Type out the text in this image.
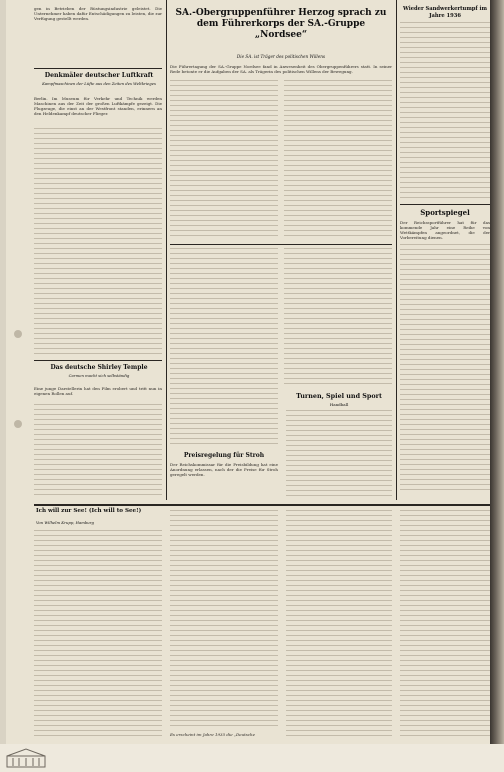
gen in Betrieben der Rüstungsindustrie geleistet. Die Unternehmer haben dafür Entschädigungen zu leisten, die zur Verfügung gestellt werden.

Denkmäler deutscher Luftkraft
Kampfmaschinen der Lüfte aus den Zeiten des Weltkrieges

Berlin. Im Museum für Verkehr und Technik werden Maschinen aus der Zeit der großen Luftkämpfe gezeigt. Die Flugzeuge, die einst an der Westfront standen, erinnern an den Heldenkampf deutscher Flieger.

Das deutsche Shirley Temple
Carmen macht sich selbständig

Eine junge Darstellerin hat den Film erobert und tritt nun in eigenen Rollen auf.

SA.-Obergruppenführer Herzog sprach zu dem Führerkorps der SA.-Gruppe „Nordsee“
Die SA. ist Träger des politischen Willens

Die Führertagung der SA.-Gruppe Nordsee fand in Anwesenheit des Obergruppenführers statt. In seiner Rede betonte er die Aufgaben der SA. als Trägerin des politischen Willens der Bewegung.

Preisregelung für Stroh

Der Reichskommissar für die Preisbildung hat eine Anordnung erlassen, nach der die Preise für Stroh geregelt werden.

Wieder Sandwerkertumpf im Jahre 1936
Sportspiegel

Der Reichssportführer hat für das kommende Jahr eine Reihe von Wettkämpfen angeordnet, die der Vorbereitung dienen.

Turnen, Spiel und Sport
Handball
Ich will zur See! (Ich will to See!)
Von Wilhelm Krupp, Hamburg
Es erscheint im Jahre 1935 die „Deutsche
